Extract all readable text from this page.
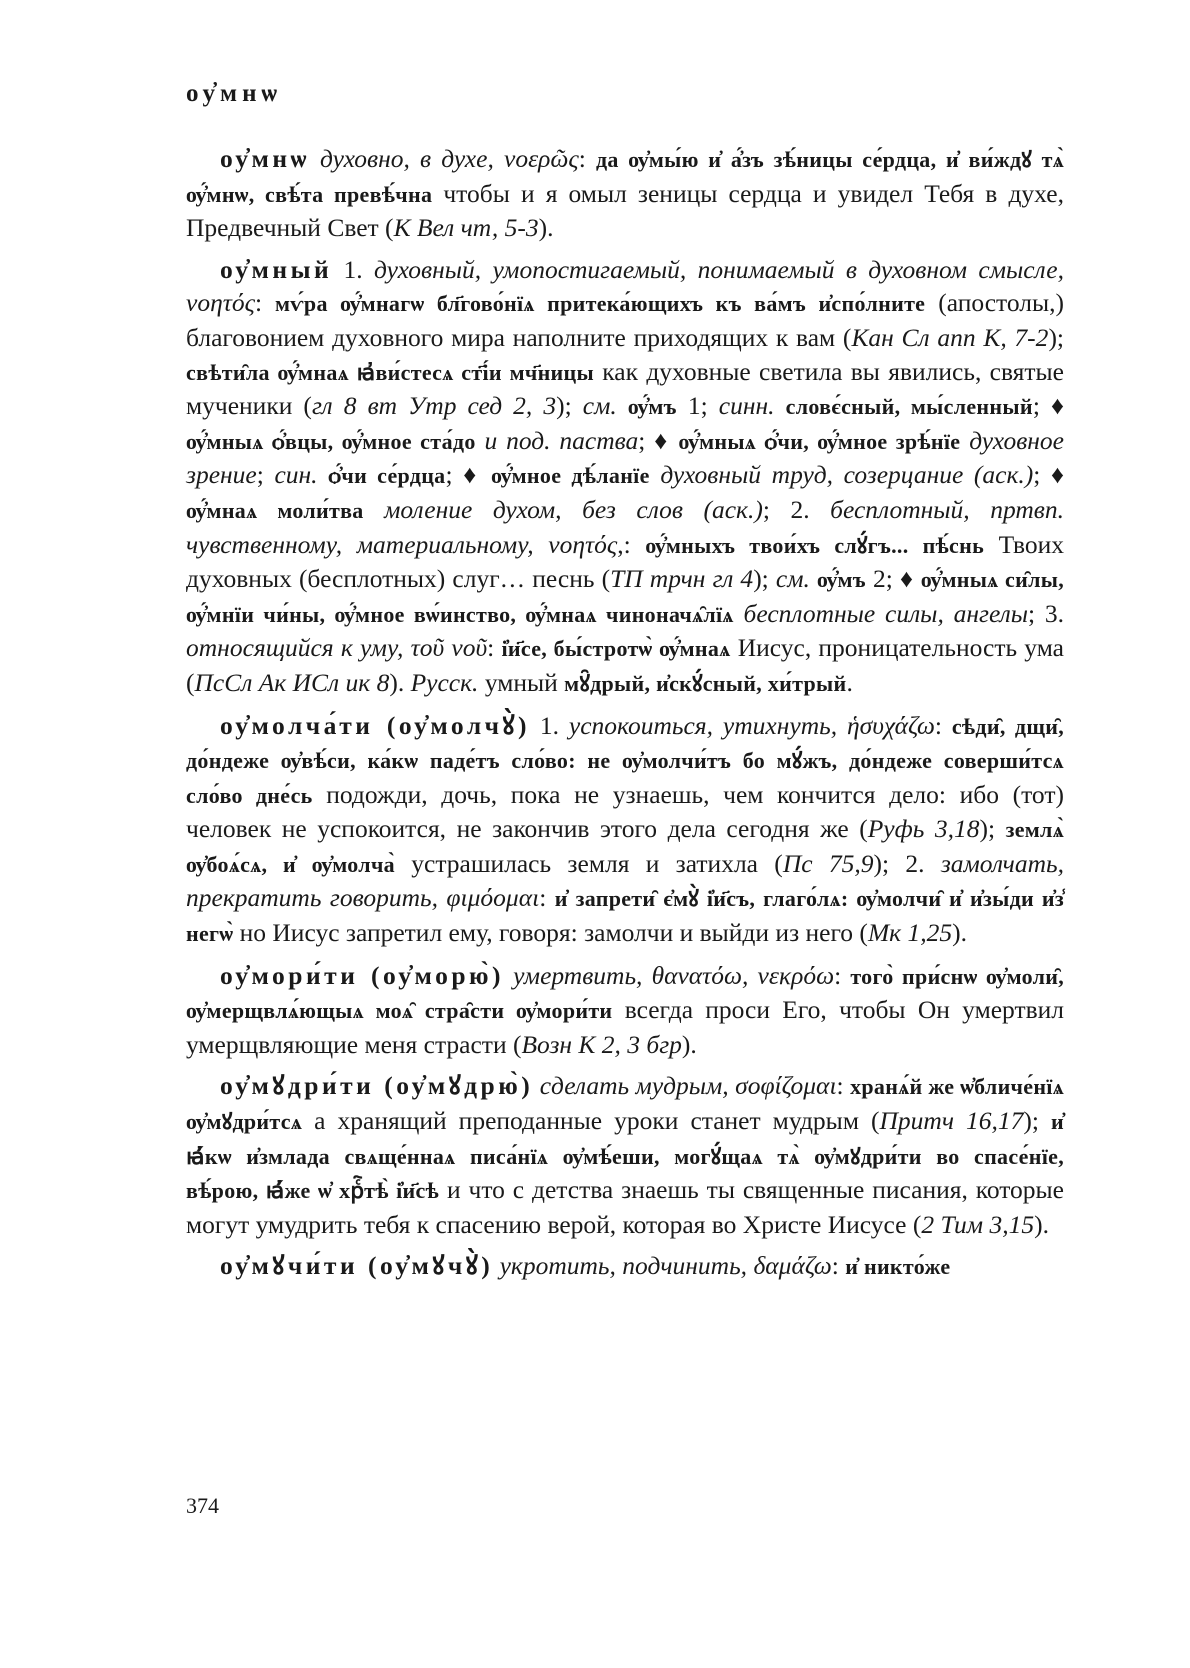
оу҆мнѡ

оу҆мнѡ духовно, в духе, νοερῶς: да ѹ҆мы́ю и҆ а҆́зъ зѣ́ницы се́рдца, и҆ ви́ждꙋ тѧ̀ ѹ҆́мнѡ, свѣ́та превѣ́чна чтобы и я омыл зеницы сердца и увидел Тебя в духе, Предвечный Свет (К Вел чт, 5-3).

оу҆мный 1. духовный, умопостигаемый, понимаемый в духовном смысле, νοητός: мѵ́ра ѹ҆́мнагѡ бл҃гово́нїѧ притека́ющихъ къ ва́мъ и҆спо́лните (апостолы,) благовонием духовного мира наполните приходящих к вам (Кан Сл апп К, 7-2); свѣти̑ла ѹ҆́мнаѧ ꙗ҆ви́стесѧ ст҃і́и мч҃ницы как духовные светила вы явились, святые мученики (гл 8 вт Утр сед 2, 3); см. ѹ҆́мъ 1; синн. словє́сный, мы́сленный; ♦ ѹ҆́мныѧ ѻ҆́вцы, ѹ҆́мное ста́до и под. паства; ♦ ѹ҆́мныѧ ѻ҆́чи, ѹ҆́мное зрѣ́нїе духовное зрение; син. ѻ҆́чи се́рдца; ♦ ѹ҆́мное дѣ́ланїе духовный труд, созерцание (аск.); ♦ ѹ҆́мнаѧ моли́тва моление духом, без слов (аск.); 2. бесплотный, пртвп. чувственному, материальному, νοητός,: ѹ҆́мныхъ твои́хъ слꙋ́гъ... пѣ́снь Твоих духовных (бесплотных) слуг… песнь (ТП трчн гл 4); см. ѹ҆́мъ 2; ♦ ѹ҆́мныѧ си̑лы, ѹ҆́мнїи чи́ны, ѹ҆́мное вѡ́инство, ѹ҆́мнаѧ чиноначѧ̑лїѧ бесплотные силы, ангелы; 3. относящийся к уму, τοῦ νοῦ: і҆и҃се, бы́стротѡ̀ ѹ҆́мнаѧ Иисус, проницательность ума (ПсСл Ак ИСл ик 8). Русск. умный мꙋ̑дрый, и҆скꙋ́сный, хи́трый.

оу҆молча́ти (оу҆молчꙋ̀) 1. успокоиться, утихнуть, ἡσυχάζω: сѣди̑, дщи̑, до́ндеже ѹ҆вѣ́си, ка́кѡ паде́тъ сло́во: не ѹ҆молчи́тъ бо мꙋ́жъ, до́ндеже соверши́тсѧ сло́во дне́сь подожди, дочь, пока не узнаешь, чем кончится дело: ибо (тот) человек не успокоится, не закончив этого дела сегодня же (Руфь 3,18); землѧ̀ ѹ҆боѧ́сѧ, и҆ ѹ҆молча̀ устрашилась земля и затихла (Пс 75,9); 2. замолчать, прекратить говорить, φιμόομαι: и҆ запрети̑ є҆мꙋ̀ і҆и҃съ, глаго́лѧ: ѹ҆молчи̑ и҆ и҆зы́ди и҆з̾ негѡ̀ но Иисус запретил ему, говоря: замолчи и выйди из него (Мк 1,25).

оу҆мори́ти (оу҆морю̀) умертвить, θανατόω, νεκρόω: того̀ при́снѡ ѹ҆моли̑, ѹ҆мерщвлѧ́ющыѧ моѧ̑ стра̑сти ѹ҆мори́ти всегда проси Его, чтобы Он умертвил умерщвляющие меня страсти (Возн К 2, 3 бгр).

оу҆мꙋдри́ти (оу҆мꙋдрю̀) сделать мудрым, σοφίζομαι: хранѧ́й же ѡ҆бличе́нїѧ ѹ҆мꙋдри́тсѧ а хранящий преподанные уроки станет мудрым (Притч 16,17); и҆ ꙗ҆́кѡ и҆змлада свѧще́ннаѧ писа́нїѧ ѹ҆мѣ́еши, могꙋ́щаѧ тѧ̀ ѹ҆мꙋдри́ти во спасе́нїе, вѣ́рою, ꙗ҆́же ѡ҆ хрⷭ҇тѣ̀ і҆и҃сѣ и что с детства знаешь ты священные писания, которые могут умудрить тебя к спасению верой, которая во Христе Иисусе (2 Тим 3,15).

оу҆мꙋчи́ти (оу҆мꙋчꙋ̀) укротить, подчинить, δαμάζω: и҆ никто́же

374
